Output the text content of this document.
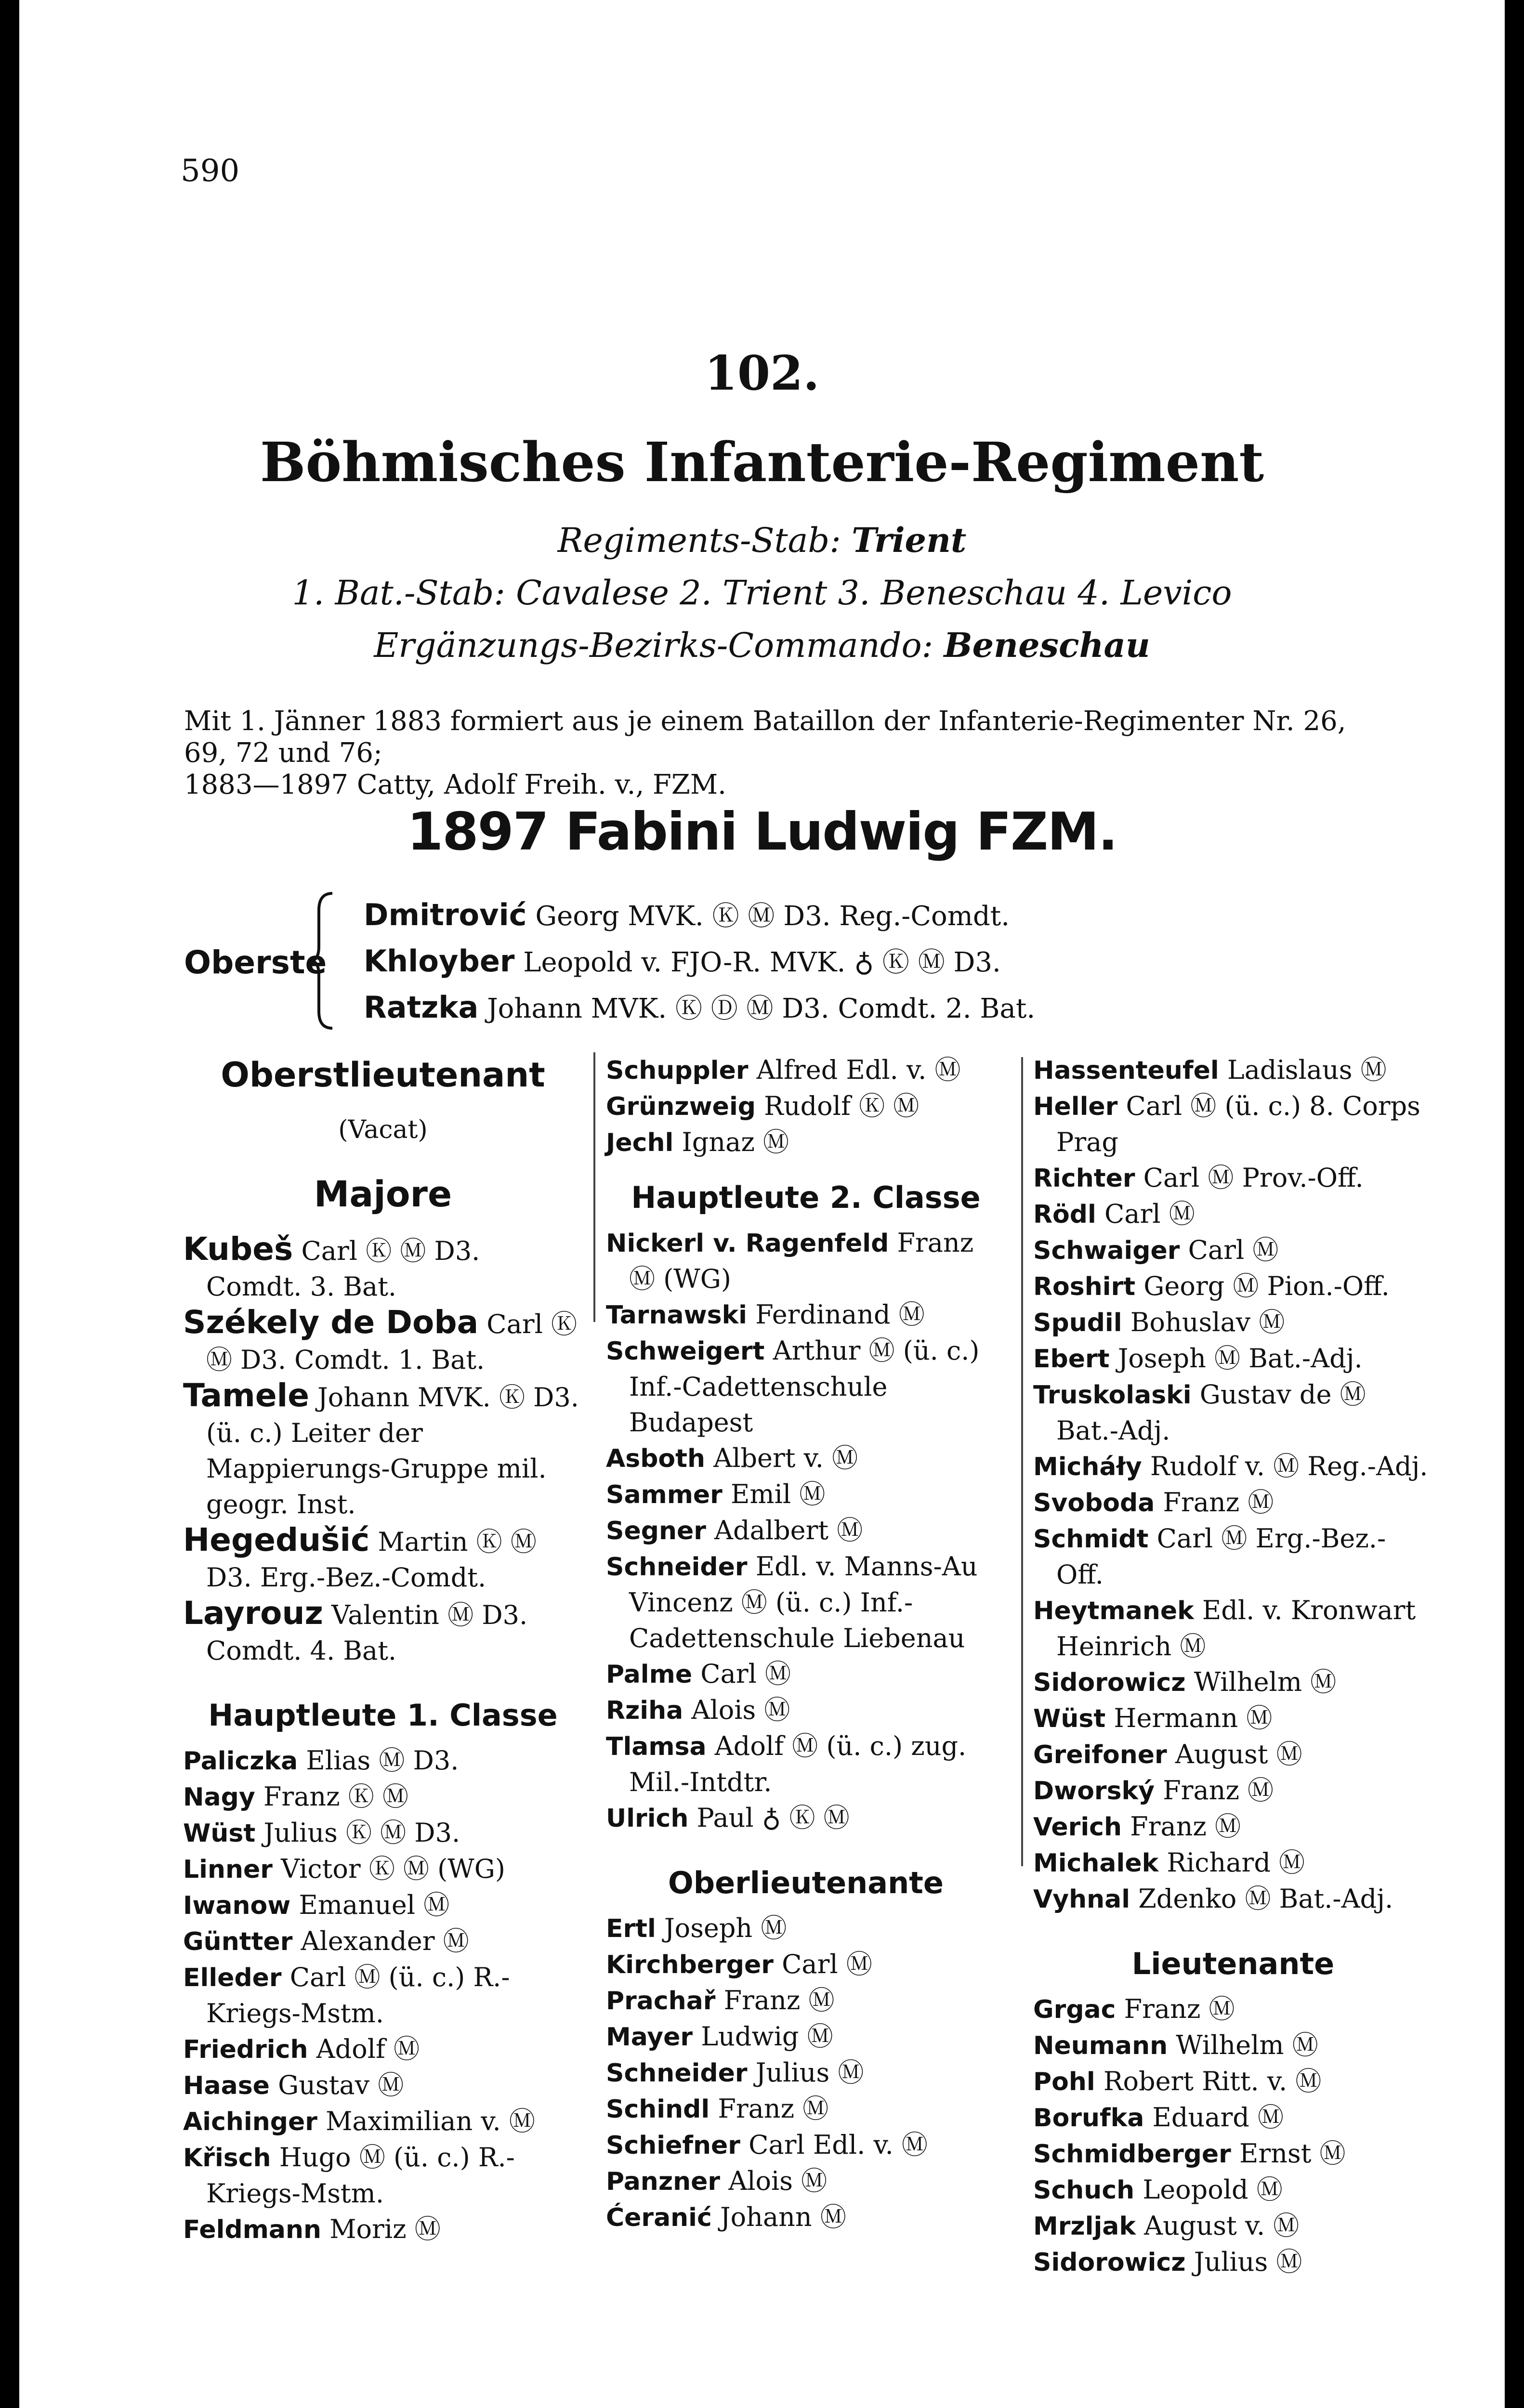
590
102.
Böhmisches Infanterie-Regiment
Regiments-Stab: Trient
1. Bat.-Stab: Cavalese 2. Trient 3. Beneschau 4. Levico
Ergänzungs-Bezirks-Commando: Beneschau
Mit 1. Jänner 1883 formiert aus je einem Bataillon der Infanterie-Regimenter Nr. 26, 69, 72 und 76;
1883—1897 Catty, Adolf Freih. v., FZM.
1897 Fabini Ludwig FZM.
Oberste
Dmitrović Georg MVK. Ⓚ Ⓜ D3. Reg.-Comdt.
Khloyber Leopold v. FJO-R. MVK. ♁ Ⓚ Ⓜ D3.
Ratzka Johann MVK. Ⓚ Ⓓ Ⓜ D3. Comdt. 2. Bat.

Oberstlieutenant

(Vacat)

Majore

Kubeš Carl Ⓚ Ⓜ D3. Comdt. 3. Bat.

Székely de Doba Carl Ⓚ Ⓜ D3. Comdt. 1. Bat.

Tamele Johann MVK. Ⓚ D3. (ü. c.) Leiter der Mappierungs-Gruppe mil. geogr. Inst.

Hegedušić Martin Ⓚ Ⓜ D3. Erg.-Bez.-Comdt.

Layrouz Valentin Ⓜ D3. Comdt. 4. Bat.

Hauptleute 1. Classe

Paliczka Elias Ⓜ D3.

Nagy Franz Ⓚ Ⓜ

Wüst Julius Ⓚ Ⓜ D3.

Linner Victor Ⓚ Ⓜ (WG)

Iwanow Emanuel Ⓜ

Güntter Alexander Ⓜ

Elleder Carl Ⓜ (ü. c.) R.-Kriegs-Mstm.

Friedrich Adolf Ⓜ

Haase Gustav Ⓜ

Aichinger Maximilian v. Ⓜ

Křisch Hugo Ⓜ (ü. c.) R.-Kriegs-Mstm.

Feldmann Moriz Ⓜ

Schuppler Alfred Edl. v. Ⓜ

Grünzweig Rudolf Ⓚ Ⓜ

Jechl Ignaz Ⓜ

Hauptleute 2. Classe

Nickerl v. Ragenfeld Franz Ⓜ (WG)

Tarnawski Ferdinand Ⓜ

Schweigert Arthur Ⓜ (ü. c.) Inf.-Cadettenschule Budapest

Asboth Albert v. Ⓜ

Sammer Emil Ⓜ

Segner Adalbert Ⓜ

Schneider Edl. v. Manns-Au Vincenz Ⓜ (ü. c.) Inf.-Cadettenschule Liebenau

Palme Carl Ⓜ

Rziha Alois Ⓜ

Tlamsa Adolf Ⓜ (ü. c.) zug. Mil.-Intdtr.

Ulrich Paul ♁ Ⓚ Ⓜ

Oberlieutenante

Ertl Joseph Ⓜ

Kirchberger Carl Ⓜ

Prachař Franz Ⓜ

Mayer Ludwig Ⓜ

Schneider Julius Ⓜ

Schindl Franz Ⓜ

Schiefner Carl Edl. v. Ⓜ

Panzner Alois Ⓜ

Ćeranić Johann Ⓜ

Hassenteufel Ladislaus Ⓜ

Heller Carl Ⓜ (ü. c.) 8. Corps Prag

Richter Carl Ⓜ Prov.-Off.

Rödl Carl Ⓜ

Schwaiger Carl Ⓜ

Roshirt Georg Ⓜ Pion.-Off.

Spudil Bohuslav Ⓜ

Ebert Joseph Ⓜ Bat.-Adj.

Truskolaski Gustav de Ⓜ Bat.-Adj.

Micháły Rudolf v. Ⓜ Reg.-Adj.

Svoboda Franz Ⓜ

Schmidt Carl Ⓜ Erg.-Bez.-Off.

Heytmanek Edl. v. Kronwart Heinrich Ⓜ

Sidorowicz Wilhelm Ⓜ

Wüst Hermann Ⓜ

Greifoner August Ⓜ

Dworský Franz Ⓜ

Verich Franz Ⓜ

Michalek Richard Ⓜ

Vyhnal Zdenko Ⓜ Bat.-Adj.

Lieutenante

Grgac Franz Ⓜ

Neumann Wilhelm Ⓜ

Pohl Robert Ritt. v. Ⓜ

Borufka Eduard Ⓜ

Schmidberger Ernst Ⓜ

Schuch Leopold Ⓜ

Mrzljak August v. Ⓜ

Sidorowicz Julius Ⓜ
